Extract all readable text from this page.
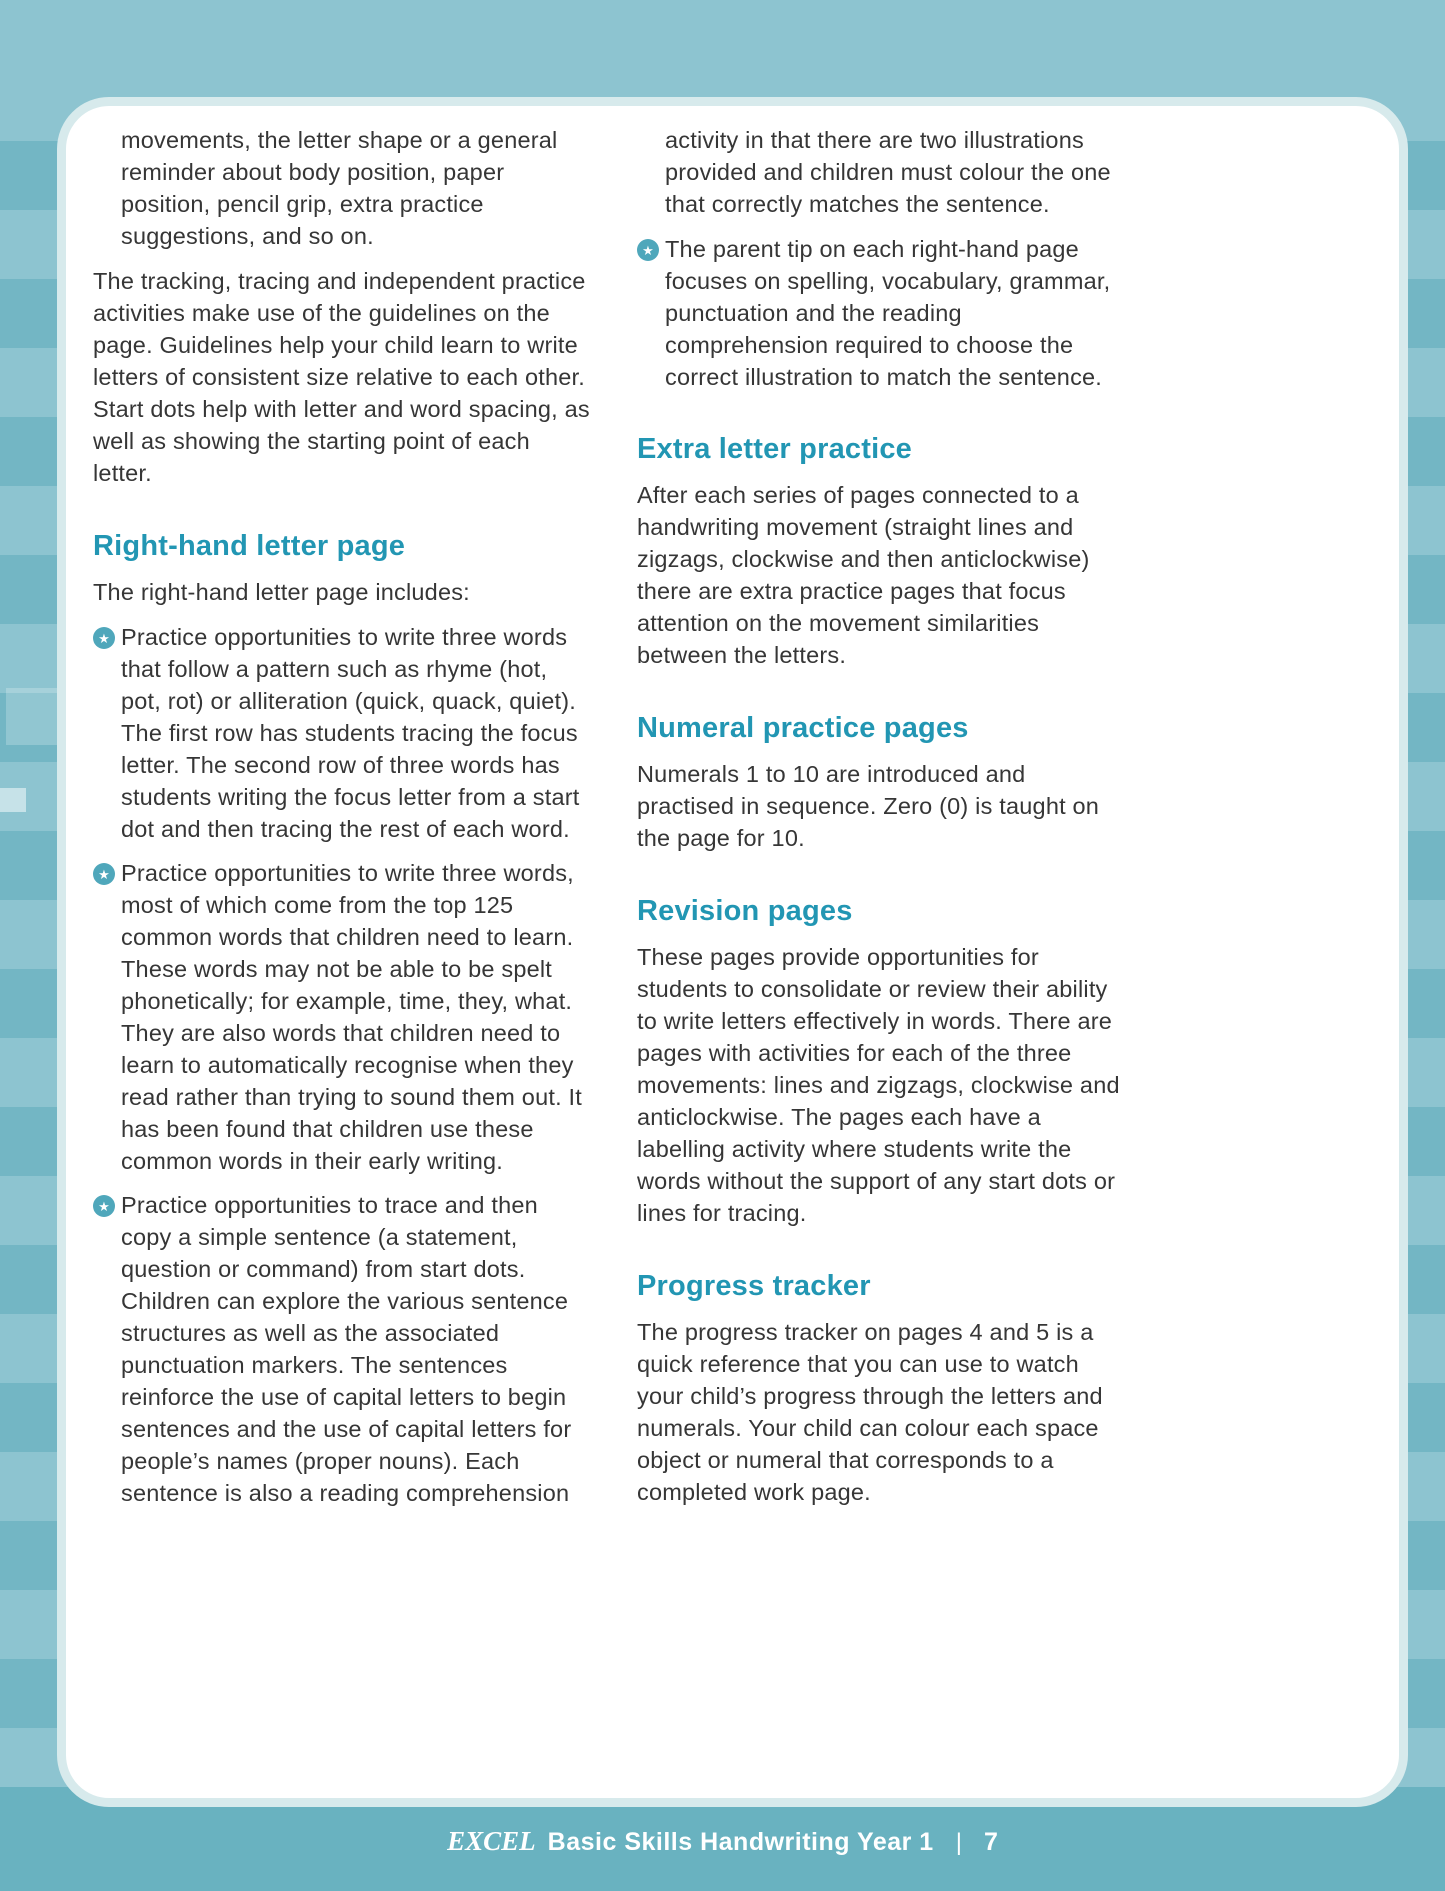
movements, the letter shape or a general reminder about body position, paper position, pencil grip, extra practice suggestions, and so on.

The tracking, tracing and independent practice activities make use of the guidelines on the page. Guidelines help your child learn to write letters of consistent size relative to each other. Start dots help with letter and word spacing, as well as showing the starting point of each letter.

Right-hand letter page

The right-hand letter page includes:

★ Practice opportunities to write three words that follow a pattern such as rhyme (hot, pot, rot) or alliteration (quick, quack, quiet). The first row has students tracing the focus letter. The second row of three words has students writing the focus letter from a start dot and then tracing the rest of each word.

★ Practice opportunities to write three words, most of which come from the top 125 common words that children need to learn. These words may not be able to be spelt phonetically; for example, time, they, what. They are also words that children need to learn to automatically recognise when they read rather than trying to sound them out. It has been found that children use these common words in their early writing.

★ Practice opportunities to trace and then copy a simple sentence (a statement, question or command) from start dots. Children can explore the various sentence structures as well as the associated punctuation markers. The sentences reinforce the use of capital letters to begin sentences and the use of capital letters for people’s names (proper nouns). Each sentence is also a reading comprehension

activity in that there are two illustrations provided and children must colour the one that correctly matches the sentence.

★ The parent tip on each right-hand page focuses on spelling, vocabulary, grammar, punctuation and the reading comprehension required to choose the correct illustration to match the sentence.

Extra letter practice

After each series of pages connected to a handwriting movement (straight lines and zigzags, clockwise and then anticlockwise) there are extra practice pages that focus attention on the movement similarities between the letters.

Numeral practice pages

Numerals 1 to 10 are introduced and practised in sequence. Zero (0) is taught on the page for 10.

Revision pages

These pages provide opportunities for students to consolidate or review their ability to write letters effectively in words. There are pages with activities for each of the three movements: lines and zigzags, clockwise and anticlockwise. The pages each have a labelling activity where students write the words without the support of any start dots or lines for tracing.

Progress tracker

The progress tracker on pages 4 and 5 is a quick reference that you can use to watch your child’s progress through the letters and numerals. Your child can colour each space object or numeral that corresponds to a completed work page.

EXCEL Basic Skills Handwriting Year 1 | 7
